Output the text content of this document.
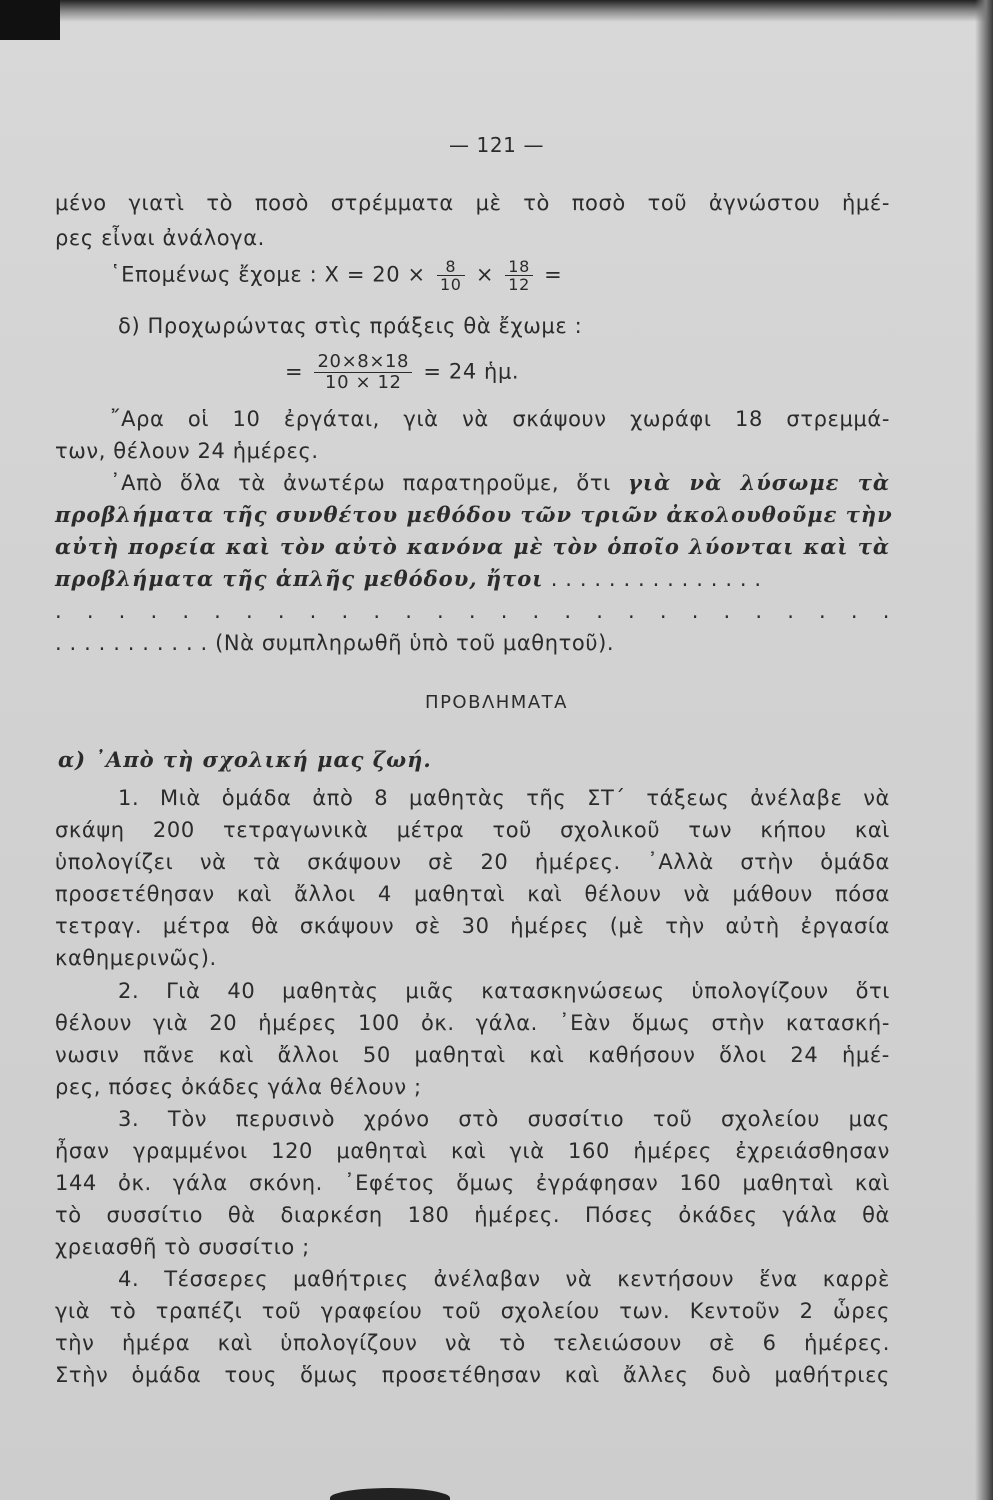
— 121 —
μένο γιατὶ τὸ ποσὸ στρέμματα μὲ τὸ ποσὸ τοῦ ἀγνώστου ἡμέ-
ρες εἶναι ἀνάλογα.
῾Επομένως ἔχομε : $X = 20 \times \frac{8}{10} \times \frac{18}{12}$ =
δ) Προχωρώντας στὶς πράξεις θὰ ἔχωμε :
= $\frac{20\times 8\times 18}{10 \times 12} = 24$ ἡμ.
῎Αρα οἱ 10 ἐργάται, γιὰ νὰ σκάψουν χωράφι 18 στρεμμά-
των, θέλουν 24 ἡμέρες.
᾿Απὸ ὅλα τὰ ἀνωτέρω παρατηροῦμε, ὅτι γιὰ νὰ λύσωμε τὰ
προβλήματα τῆς συνθέτου μεθόδου τῶν τριῶν ἀκολουθοῦμε τὴν
αὐτὴ πορεία καὶ τὸν αὐτὸ κανόνα μὲ τὸν ὁποῖο λύονται καὶ τὰ
προβλήματα τῆς ἁπλῆς μεθόδου, ἤτοι . . . . . . . . . . . . . . .
. . . . . . . . . . . . . . . . . . . . . . . . . . .
. . . . . . . . . . . (Νὰ συμπληρωθῆ ὑπὸ τοῦ μαθητοῦ).
ΠΡΟΒΛΗΜΑΤΑ
α) ᾿Απὸ τὴ σχολική μας ζωή.
1. Μιὰ ὁμάδα ἀπὸ 8 μαθητὰς τῆς ΣΤ΄ τάξεως ἀνέλαβε νὰ
σκάψη 200 τετραγωνικὰ μέτρα τοῦ σχολικοῦ των κήπου καὶ
ὑπολογίζει νὰ τὰ σκάψουν σὲ 20 ἡμέρες. ᾿Αλλὰ στὴν ὁμάδα
προσετέθησαν καὶ ἄλλοι 4 μαθηταὶ καὶ θέλουν νὰ μάθουν πόσα
τετραγ. μέτρα θὰ σκάψουν σὲ 30 ἡμέρες (μὲ τὴν αὐτὴ ἐργασία
καθημερινῶς).
2. Γιὰ 40 μαθητὰς μιᾶς κατασκηνώσεως ὑπολογίζουν ὅτι
θέλουν γιὰ 20 ἡμέρες 100 ὀκ. γάλα. ᾿Εὰν ὅμως στὴν κατασκή-
νωσιν πᾶνε καὶ ἄλλοι 50 μαθηταὶ καὶ καθήσουν ὅλοι 24 ἡμέ-
ρες, πόσες ὀκάδες γάλα θέλουν ;
3. Τὸν περυσινὸ χρόνο στὸ συσσίτιο τοῦ σχολείου μας
ἦσαν γραμμένοι 120 μαθηταὶ καὶ γιὰ 160 ἡμέρες ἐχρειάσθησαν
144 ὀκ. γάλα σκόνη. ᾿Εφέτος ὅμως ἐγράφησαν 160 μαθηταὶ καὶ
τὸ συσσίτιο θὰ διαρκέση 180 ἡμέρες. Πόσες ὀκάδες γάλα θὰ
χρειασθῆ τὸ συσσίτιο ;
4. Τέσσερες μαθήτριες ἀνέλαβαν νὰ κεντήσουν ἕνα καρρὲ
γιὰ τὸ τραπέζι τοῦ γραφείου τοῦ σχολείου των. Κεντοῦν 2 ὧρες
τὴν ἡμέρα καὶ ὑπολογίζουν νὰ τὸ τελειώσουν σὲ 6 ἡμέρες.
Στὴν ὁμάδα τους ὅμως προσετέθησαν καὶ ἄλλες δυὸ μαθήτριες
